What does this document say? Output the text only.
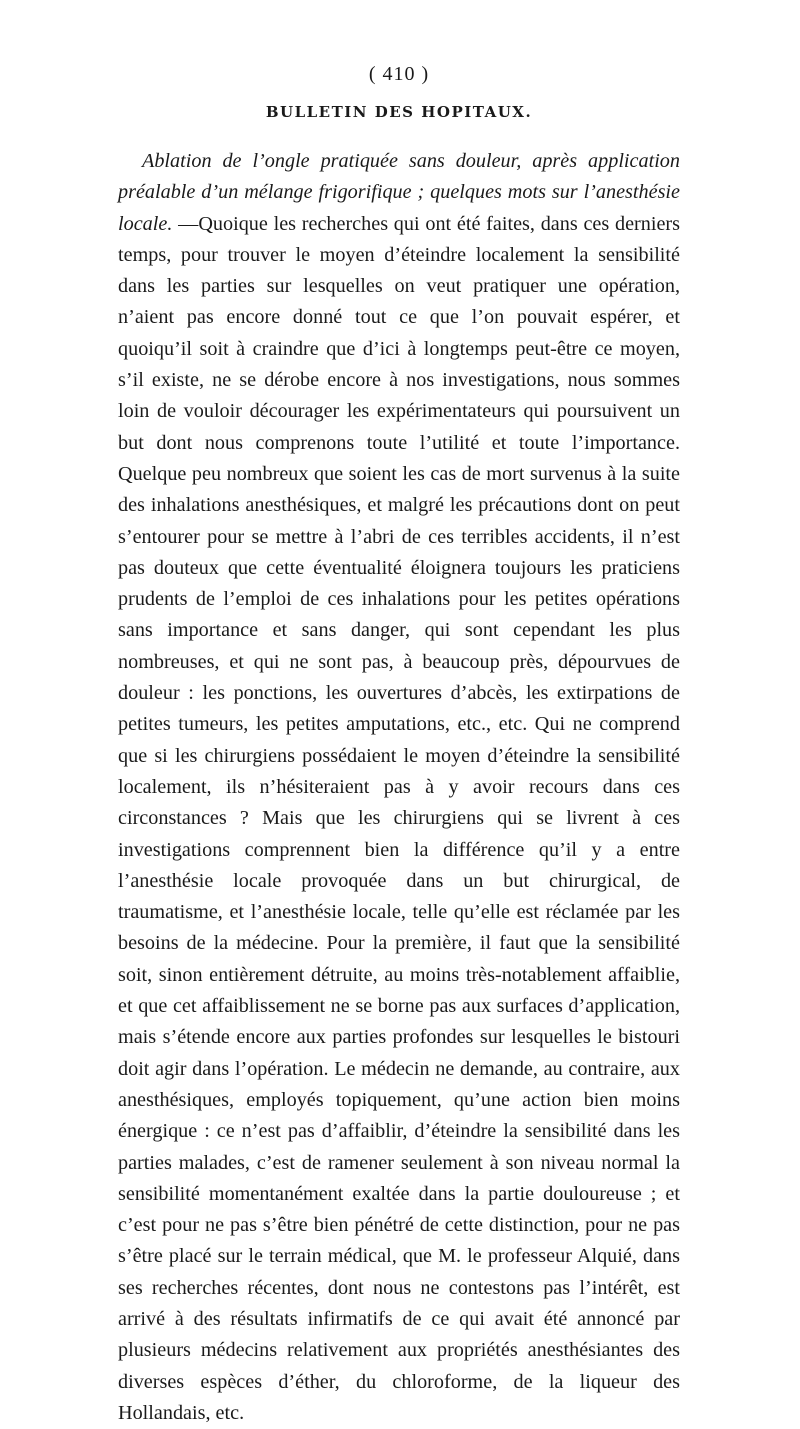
( 410 )
BULLETIN DES HOPITAUX.

Ablation de l’ongle pratiquée sans douleur, après application préalable d’un mélange frigorifique ; quelques mots sur l’anesthésie locale. —Quoique les recherches qui ont été faites, dans ces derniers temps, pour trouver le moyen d’éteindre localement la sensibilité dans les parties sur lesquelles on veut pratiquer une opération, n’aient pas encore donné tout ce que l’on pouvait espérer, et quoiqu’il soit à craindre que d’ici à longtemps peut-être ce moyen, s’il existe, ne se dérobe encore à nos investigations, nous sommes loin de vouloir décourager les expérimentateurs qui poursuivent un but dont nous comprenons toute l’utilité et toute l’importance. Quelque peu nombreux que soient les cas de mort survenus à la suite des inhalations anesthésiques, et malgré les précautions dont on peut s’entourer pour se mettre à l’abri de ces terribles accidents, il n’est pas douteux que cette éventualité éloignera toujours les praticiens prudents de l’emploi de ces inhalations pour les petites opérations sans importance et sans danger, qui sont cependant les plus nombreuses, et qui ne sont pas, à beaucoup près, dépourvues de douleur : les ponctions, les ouvertures d’abcès, les extirpations de petites tumeurs, les petites amputations, etc., etc. Qui ne comprend que si les chirurgiens possédaient le moyen d’éteindre la sensibilité localement, ils n’hésiteraient pas à y avoir recours dans ces circonstances ? Mais que les chirurgiens qui se livrent à ces investigations comprennent bien la différence qu’il y a entre l’anesthésie locale provoquée dans un but chirurgical, de traumatisme, et l’anesthésie locale, telle qu’elle est réclamée par les besoins de la médecine. Pour la première, il faut que la sensibilité soit, sinon entièrement détruite, au moins très-notablement affaiblie, et que cet affaiblissement ne se borne pas aux surfaces d’application, mais s’étende encore aux parties profondes sur lesquelles le bistouri doit agir dans l’opération. Le médecin ne demande, au contraire, aux anesthésiques, employés topiquement, qu’une action bien moins énergique : ce n’est pas d’affaiblir, d’éteindre la sensibilité dans les parties malades, c’est de ramener seulement à son niveau normal la sensibilité momentanément exaltée dans la partie douloureuse ; et c’est pour ne pas s’être bien pénétré de cette distinction, pour ne pas s’être placé sur le terrain médical, que M. le professeur Alquié, dans ses recherches récentes, dont nous ne contestons pas l’intérêt, est arrivé à des résultats infirmatifs de ce qui avait été annoncé par plusieurs médecins relativement aux propriétés anesthésiantes des diverses espèces d’éther, du chloroforme, de la liqueur des Hollandais, etc.
